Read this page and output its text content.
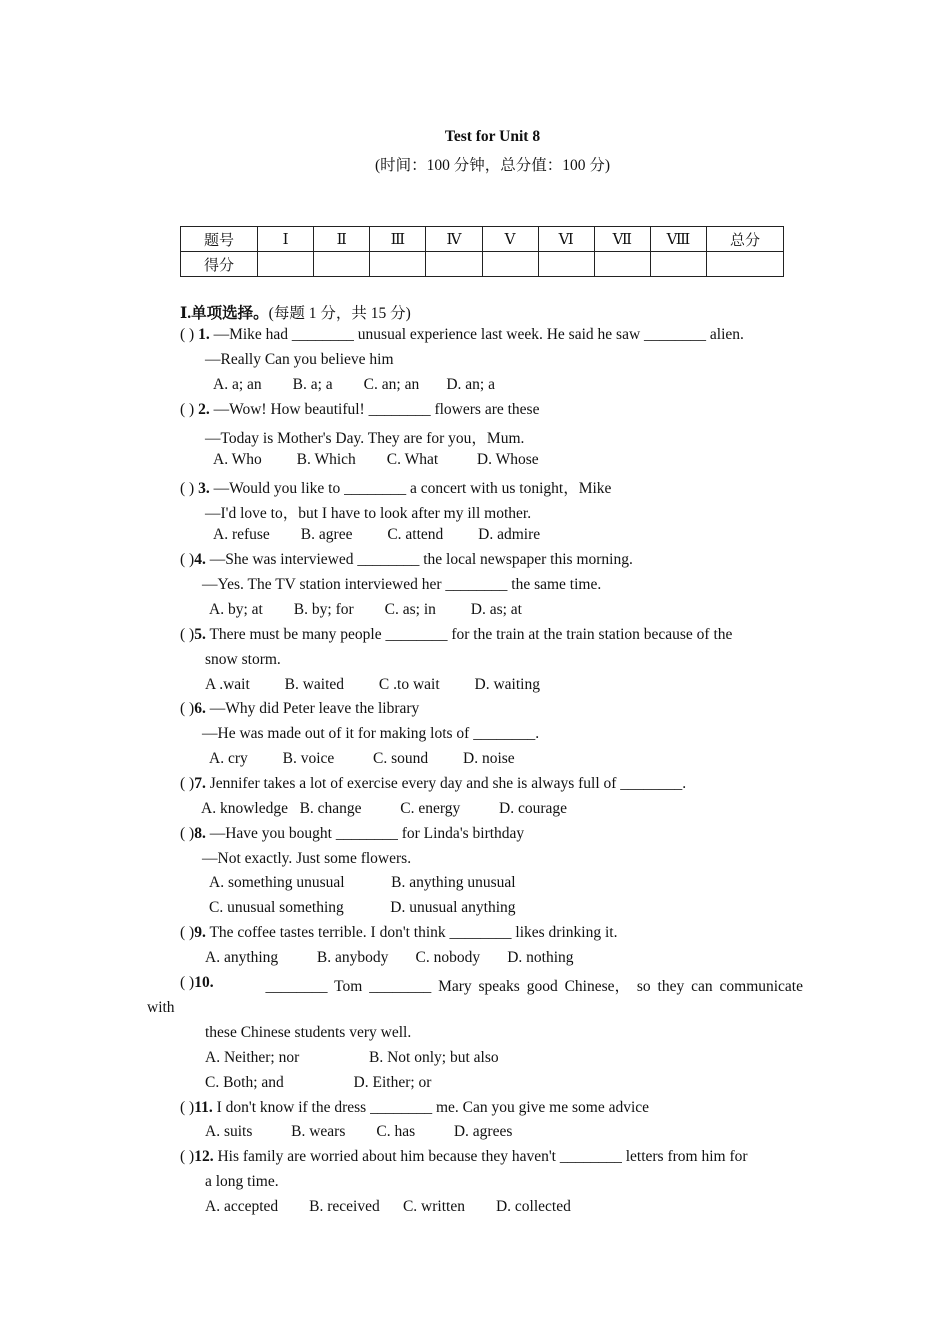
Test for Unit 8
(时间：100 分钟，总分值：100 分)
题号	Ⅰ	Ⅱ	Ⅲ	Ⅳ	Ⅴ	Ⅵ	Ⅶ	Ⅷ	总分
得分									
Ⅰ.单项选择。(每题 1 分，共 15 分)
( ) 1. —Mike had ________ unusual experience last week. He said he saw ________ alien.
—Really Can you believe him
A. a; an        B. a; a        C. an; an       D. an; a
( ) 2. —Wow! How beautiful! ________ flowers are these
—Today is Mother's Day. They are for you，Mum.
A. Who         B. Which        C. What          D. Whose
( ) 3. —Would you like to ________ a concert with us tonight，Mike
—I'd love to，but I have to look after my ill mother.
A. refuse        B. agree         C. attend         D. admire
( )4. —She was interviewed ________ the local newspaper this morning.
—Yes. The TV station interviewed her ________ the same time.
A. by; at        B. by; for        C. as; in         D. as; at
( )5. There must be many people ________ for the train at the train station because of the
snow storm.
A .wait         B. waited         C .to wait         D. waiting
( )6. —Why did Peter leave the library
—He was made out of it for making lots of ________.
A. cry         B. voice          C. sound         D. noise
( )7. Jennifer takes a lot of exercise every day and she is always full of ________.
A. knowledge   B. change          C. energy          D. courage
( )8. —Have you bought ________ for Linda's birthday
—Not exactly. Just some flowers.
A. something unusual            B. anything unusual
C. unusual something            D. unusual anything
( )9. The coffee tastes terrible. I don't think ________ likes drinking it.
A. anything          B. anybody       C. nobody       D. nothing
( )10.	________ Tom ________ Mary speaks good Chinese， so they can communicate
with
these Chinese students very well.
A. Neither; nor                  B. Not only; but also
C. Both; and                  D. Either; or
( )11. I don't know if the dress ________ me. Can you give me some advice
A. suits          B. wears        C. has          D. agrees
( )12. His family are worried about him because they haven't ________ letters from him for
a long time.
A. accepted        B. received      C. written        D. collected
